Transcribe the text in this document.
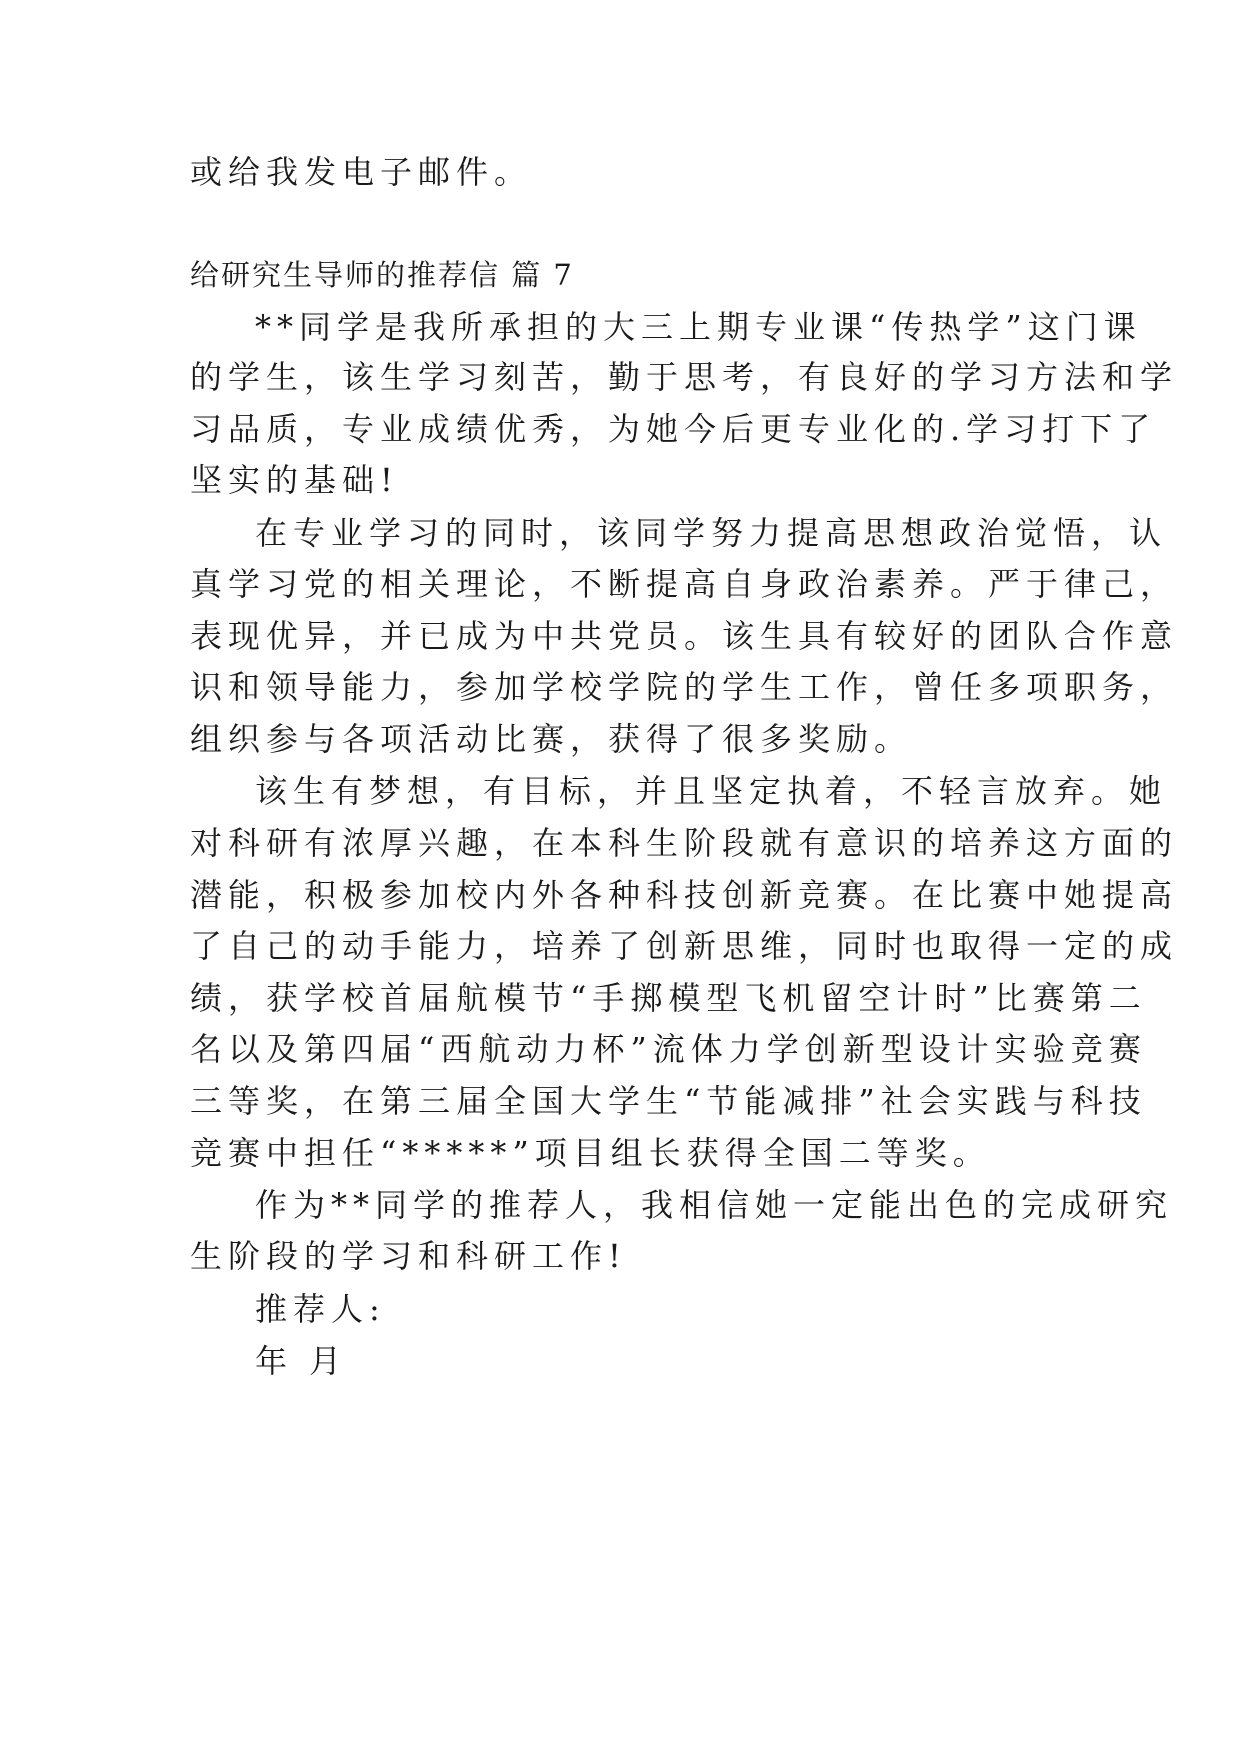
或给我发电子邮件。
给研究生导师的推荐信 篇 7
**同学是我所承担的大三上期专业课“传热学”这门课
的学生，该生学习刻苦，勤于思考，有良好的学习方法和学
习品质，专业成绩优秀，为她今后更专业化的.学习打下了
坚实的基础!
在专业学习的同时，该同学努力提高思想政治觉悟，认
真学习党的相关理论，不断提高自身政治素养。严于律己，
表现优异，并已成为中共党员。该生具有较好的团队合作意
识和领导能力，参加学校学院的学生工作，曾任多项职务，
组织参与各项活动比赛，获得了很多奖励。
该生有梦想，有目标，并且坚定执着，不轻言放弃。她
对科研有浓厚兴趣，在本科生阶段就有意识的培养这方面的
潜能，积极参加校内外各种科技创新竞赛。在比赛中她提高
了自己的动手能力，培养了创新思维，同时也取得一定的成
绩，获学校首届航模节“手掷模型飞机留空计时”比赛第二
名以及第四届“西航动力杯”流体力学创新型设计实验竞赛
三等奖，在第三届全国大学生“节能减排”社会实践与科技
竞赛中担任“*****”项目组长获得全国二等奖。
作为**同学的推荐人，我相信她一定能出色的完成研究
生阶段的学习和科研工作!
推荐人:
年 月
